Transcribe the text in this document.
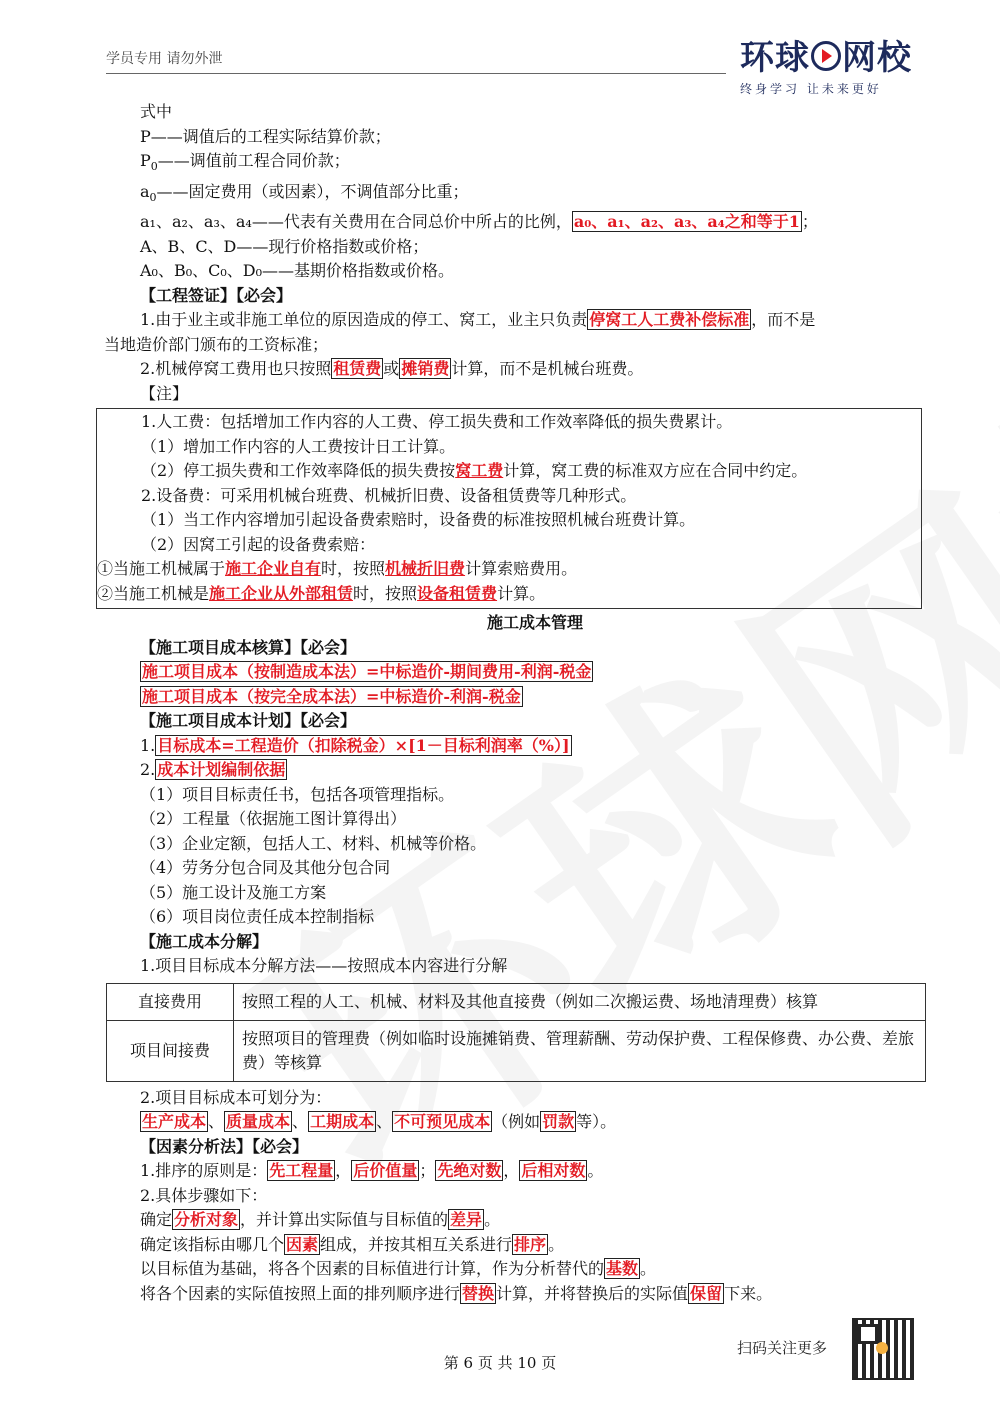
学员专用 请勿外泄	环球 网校
终身学习 让未来更好
式中
P——调值后的工程实际结算价款；
$P_0——$调值前工程合同价款；
$a_0——$固定费用（或因素），不调值部分比重；
a₁、a₂、a₃、a₄——代表有关费用在合同总价中所占的比例， a₀、a₁、a₂、a₃、a₄之和等于1 ；
A、B、C、D——现行价格指数或价格；
A₀、B₀、C₀、D₀——基期价格指数或价格。
【工程签证】【必会】
1.由于业主或非施工单位的原因造成的停工、窝工，业主只负责 停窝工人工费补偿标准 ，而不是
当地造价部门颁布的工资标准；
2.机械停窝工费用也只按照 租赁费 或 摊销费 计算，而不是机械台班费。
【注】
1.人工费：包括增加工作内容的人工费、停工损失费和工作效率降低的损失费累计。
（1）增加工作内容的人工费按计日工计算。
（2）停工损失费和工作效率降低的损失费按窝工费计算，窝工费的标准双方应在合同中约定。
2.设备费：可采用机械台班费、机械折旧费、设备租赁费等几种形式。
（1）当工作内容增加引起设备费索赔时，设备费的标准按照机械台班费计算。
（2）因窝工引起的设备费索赔：
①当施工机械属于施工企业自有时，按照机械折旧费计算索赔费用。
②当施工机械是施工企业从外部租赁时，按照设备租赁费计算。
施工成本管理
【施工项目成本核算】【必会】
施工项目成本（按制造成本法）=中标造价-期间费用-利润-税金
施工项目成本（按完全成本法）=中标造价-利润-税金
【施工项目成本计划】【必会】
1. 目标成本=工程造价（扣除税金）×[1－目标利润率（%）]
2. 成本计划编制依据
（1）项目目标责任书，包括各项管理指标。
（2）工程量（依据施工图计算得出）
（3）企业定额，包括人工、材料、机械等价格。
（4）劳务分包合同及其他分包合同
（5）施工设计及施工方案
（6）项目岗位责任成本控制指标
【施工成本分解】
1.项目目标成本分解方法——按照成本内容进行分解
直接费用	按照工程的人工、机械、材料及其他直接费（例如二次搬运费、场地清理费）核算
项目间接费	按照项目的管理费（例如临时设施摊销费、管理薪酬、劳动保护费、工程保修费、办公费、差旅费）等核算
2.项目目标成本可划分为：
生产成本 、 质量成本 、 工期成本 、 不可预见成本 （例如 罚款 等）。
【因素分析法】【必会】
1.排序的原则是： 先工程量 ， 后价值量 ； 先绝对数 ， 后相对数 。
2.具体步骤如下：
确定 分析对象 ，并计算出实际值与目标值的 差异 。
确定该指标由哪几个 因素 组成，并按其相互关系进行 排序 。
以目标值为基础，将各个因素的目标值进行计算，作为分析替代的 基数 。
将各个因素的实际值按照上面的排列顺序进行 替换 计算，并将替换后的实际值 保留 下来。
扫码关注更多
第 6 页 共 10 页
